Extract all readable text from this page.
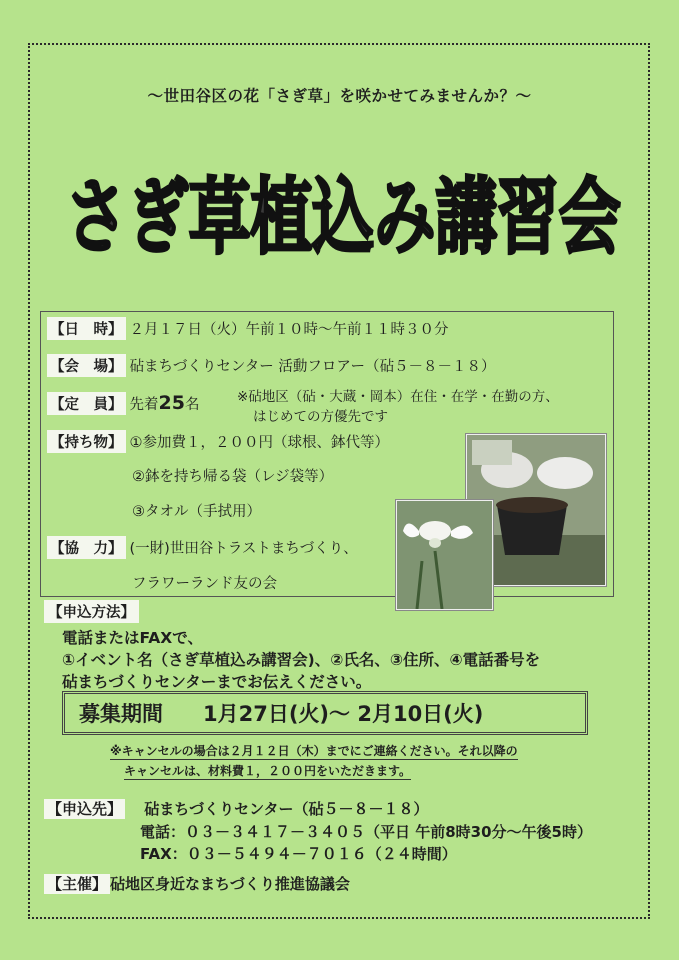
～世田谷区の花「さぎ草」を咲かせてみませんか？～
さぎ草植込み講習会
【日　時】 ２月１７日（火）午前１０時～午前１１時３０分
【会　場】 砧まちづくりセンター 活動フロアー（砧５－８－１８）
【定　員】 先着25名	※砧地区（砧・大蔵・岡本）在住・在学・在勤の方、
はじめての方優先です
【持ち物】 ①参加費１，２００円（球根、鉢代等）
②鉢を持ち帰る袋（レジ袋等）
③タオル（手拭用）
【協　力】 (一財)世田谷トラストまちづくり、
フラワーランド友の会
【申込方法】
電話またはFAXで、
①イベント名（さぎ草植込み講習会)、②氏名、③住所、④電話番号を
砧まちづくりセンターまでお伝えください。
募集期間 1月27日(火)～ 2月10日(火)
※キャンセルの場合は２月１２日（木）までにご連絡ください。それ以降の
キャンセルは、材料費１，２００円をいただきます。
【申込先】 砧まちづくりセンター（砧５－８－１８）
電話：０３－３４１７－３４０５（平日 午前8時30分～午後5時）
FAX：０３－５４９４－７０１６（２４時間）
【主催】 砧地区身近なまちづくり推進協議会
